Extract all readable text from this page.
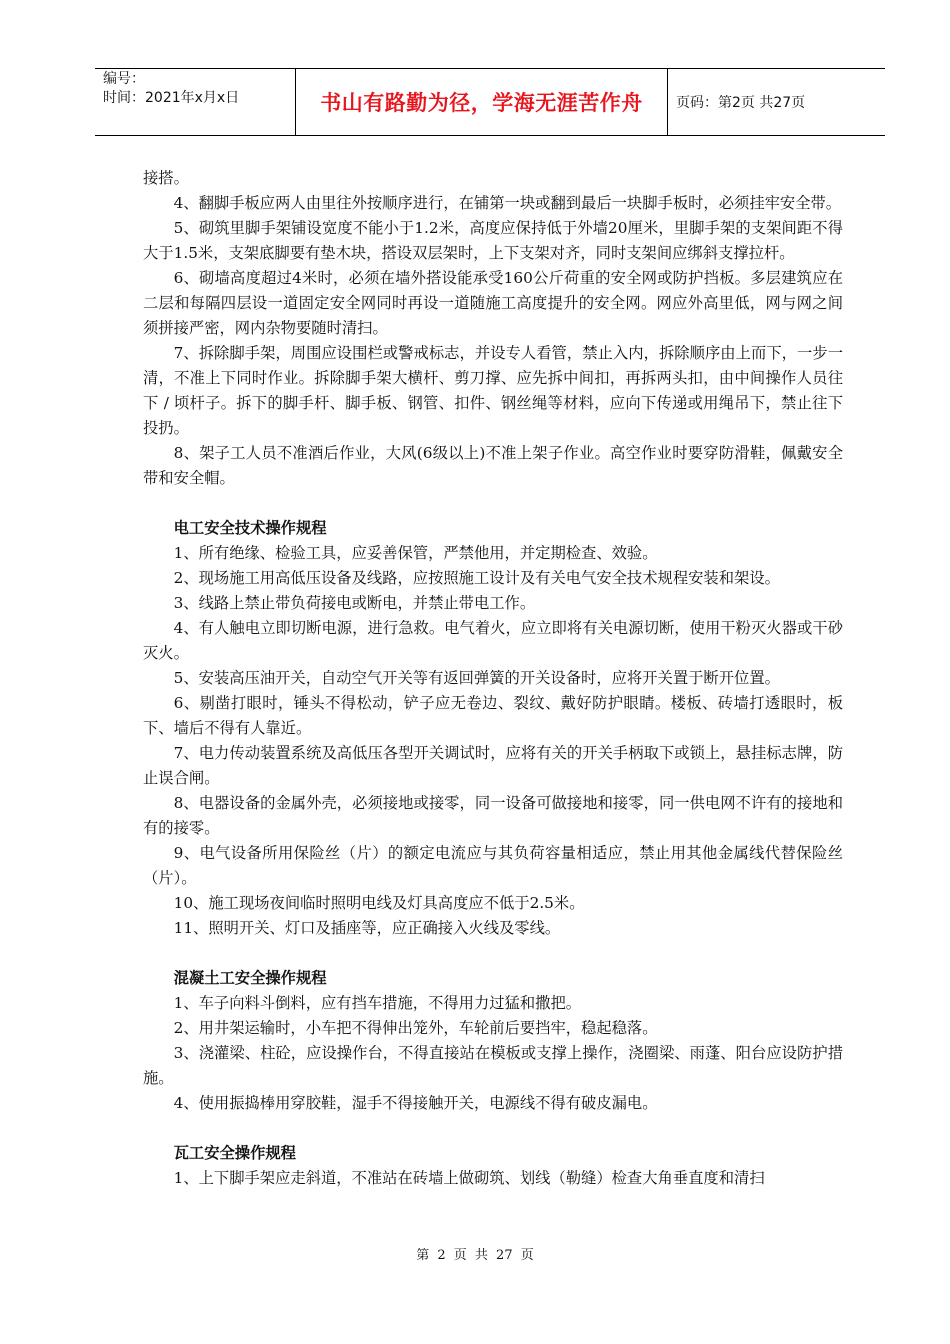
编号：
时间：2021年x月x日	书山有路勤为径，学海无涯苦作舟	页码：第2页 共27页

接搭。

4、翻脚手板应两人由里往外按顺序进行，在铺第一块或翻到最后一块脚手板时，必须挂牢安全带。

5、砌筑里脚手架铺设宽度不能小于1.2米，高度应保持低于外墙20厘米，里脚手架的支架间距不得大于1.5米，支架底脚要有垫木块，搭设双层架时，上下支架对齐，同时支架间应绑斜支撑拉杆。

6、砌墙高度超过4米时，必须在墙外搭设能承受160公斤荷重的安全网或防护挡板。多层建筑应在二层和每隔四层设一道固定安全网同时再设一道随施工高度提升的安全网。网应外高里低，网与网之间须拼接严密，网内杂物要随时清扫。

7、拆除脚手架，周围应设围栏或警戒标志，并设专人看管，禁止入内，拆除顺序由上而下，一步一清，不准上下同时作业。拆除脚手架大横杆、剪刀撑、应先拆中间扣，再拆两头扣，由中间操作人员往下 / 顷杆子。拆下的脚手杆、脚手板、钢管、扣件、钢丝绳等材料，应向下传递或用绳吊下，禁止往下投扔。

8、架子工人员不准酒后作业，大风(6级以上)不准上架子作业。高空作业时要穿防滑鞋，佩戴安全带和安全帽。

电工安全技术操作规程

1、所有绝缘、检验工具，应妥善保管，严禁他用，并定期检查、效验。

2、现场施工用高低压设备及线路，应按照施工设计及有关电气安全技术规程安装和架设。

3、线路上禁止带负荷接电或断电，并禁止带电工作。

4、有人触电立即切断电源，进行急救。电气着火，应立即将有关电源切断，使用干粉灭火器或干砂灭火。

5、安装高压油开关，自动空气开关等有返回弹簧的开关设备时，应将开关置于断开位置。

6、剔凿打眼时，锤头不得松动，铲子应无卷边、裂纹、戴好防护眼睛。楼板、砖墙打透眼时，板下、墙后不得有人靠近。

7、电力传动装置系统及高低压各型开关调试时，应将有关的开关手柄取下或锁上，悬挂标志牌，防止误合闸。

8、电器设备的金属外壳，必须接地或接零，同一设备可做接地和接零，同一供电网不许有的接地和有的接零。

9、电气设备所用保险丝（片）的额定电流应与其负荷容量相适应，禁止用其他金属线代替保险丝（片）。

10、施工现场夜间临时照明电线及灯具高度应不低于2.5米。

11、照明开关、灯口及插座等，应正确接入火线及零线。

混凝土工安全操作规程

1、车子向料斗倒料，应有挡车措施，不得用力过猛和撒把。

2、用井架运输时，小车把不得伸出笼外，车轮前后要挡牢，稳起稳落。

3、浇灌梁、柱砼，应设操作台，不得直接站在模板或支撑上操作，浇圈梁、雨蓬、阳台应设防护措施。

4、使用振捣棒用穿胶鞋，湿手不得接触开关，电源线不得有破皮漏电。

瓦工安全操作规程

1、上下脚手架应走斜道，不准站在砖墙上做砌筑、划线（勒缝）检查大角垂直度和清扫

第 2 页 共 27 页
